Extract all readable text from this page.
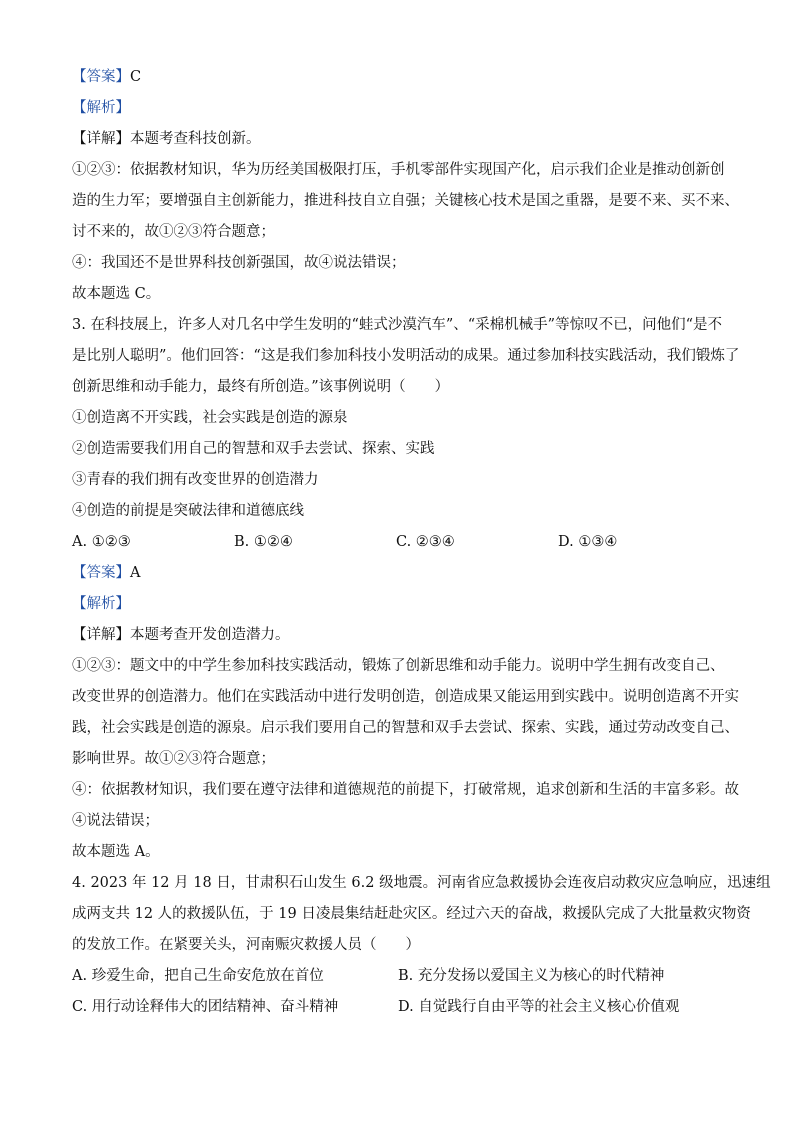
【答案】C
【解析】
【详解】本题考查科技创新。
①②③：依据教材知识，华为历经美国极限打压，手机零部件实现国产化，启示我们企业是推动创新创
造的生力军；要增强自主创新能力，推进科技自立自强；关键核心技术是国之重器，是要不来、买不来、
讨不来的，故①②③符合题意；
④：我国还不是世界科技创新强国，故④说法错误；
故本题选 C。
3. 在科技展上，许多人对几名中学生发明的“蛙式沙漠汽车”、“采棉机械手”等惊叹不已，问他们“是不
是比别人聪明”。他们回答：“这是我们参加科技小发明活动的成果。通过参加科技实践活动，我们锻炼了
创新思维和动手能力，最终有所创造。”该事例说明（　　）
①创造离不开实践，社会实践是创造的源泉
②创造需要我们用自己的智慧和双手去尝试、探索、实践
③青春的我们拥有改变世界的创造潜力
④创造的前提是突破法律和道德底线
A. ①②③	B. ①②④	C. ②③④	D. ①③④
【答案】A
【解析】
【详解】本题考查开发创造潜力。
①②③：题文中的中学生参加科技实践活动，锻炼了创新思维和动手能力。说明中学生拥有改变自己、
改变世界的创造潜力。他们在实践活动中进行发明创造，创造成果又能运用到实践中。说明创造离不开实
践，社会实践是创造的源泉。启示我们要用自己的智慧和双手去尝试、探索、实践，通过劳动改变自己、
影响世界。故①②③符合题意；
④：依据教材知识，我们要在遵守法律和道德规范的前提下，打破常规，追求创新和生活的丰富多彩。故
④说法错误；
故本题选 A。
4. 2023 年 12 月 18 日，甘肃积石山发生 6.2 级地震。河南省应急救援协会连夜启动救灾应急响应，迅速组
成两支共 12 人的救援队伍，于 19 日凌晨集结赶赴灾区。经过六天的奋战，救援队完成了大批量救灾物资
的发放工作。在紧要关头，河南赈灾救援人员（　　）
A. 珍爱生命，把自己生命安危放在首位	B. 充分发扬以爱国主义为核心的时代精神
C. 用行动诠释伟大的团结精神、奋斗精神	D. 自觉践行自由平等的社会主义核心价值观
